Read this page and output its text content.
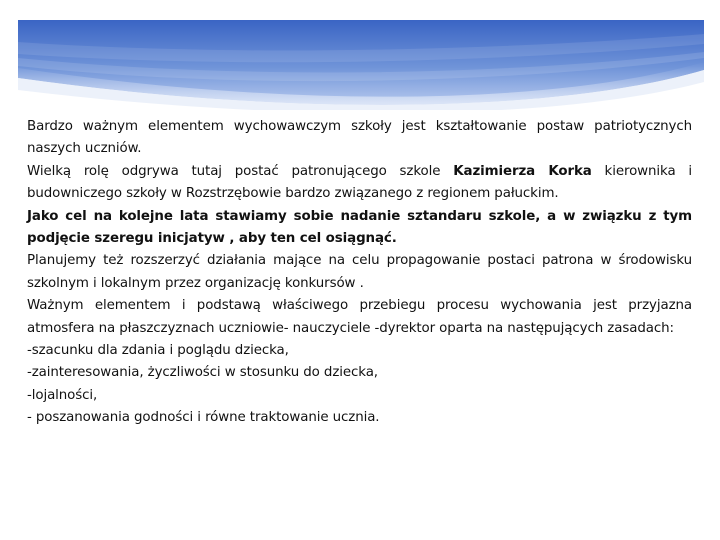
Bardzo ważnym elementem wychowawczym szkoły jest kształtowanie postaw patriotycznych naszych uczniów.

Wielką rolę odgrywa tutaj postać patronującego szkole Kazimierza Korka kierownika i budowniczego szkoły w Rozstrzębowie bardzo związanego z regionem pałuckim.

Jako cel na kolejne lata stawiamy sobie nadanie sztandaru szkole, a w związku z tym podjęcie szeregu inicjatyw , aby ten cel osiągnąć.

Planujemy też rozszerzyć działania mające na celu propagowanie postaci patrona w środowisku szkolnym i lokalnym przez organizację konkursów .

Ważnym elementem i podstawą właściwego przebiegu procesu wychowania jest przyjazna atmosfera na płaszczyznach uczniowie- nauczyciele -dyrektor oparta na następujących zasadach:

-szacunku dla zdania i poglądu dziecka,

-zainteresowania, życzliwości w stosunku do dziecka,

-lojalności,

- poszanowania godności i równe traktowanie ucznia.
